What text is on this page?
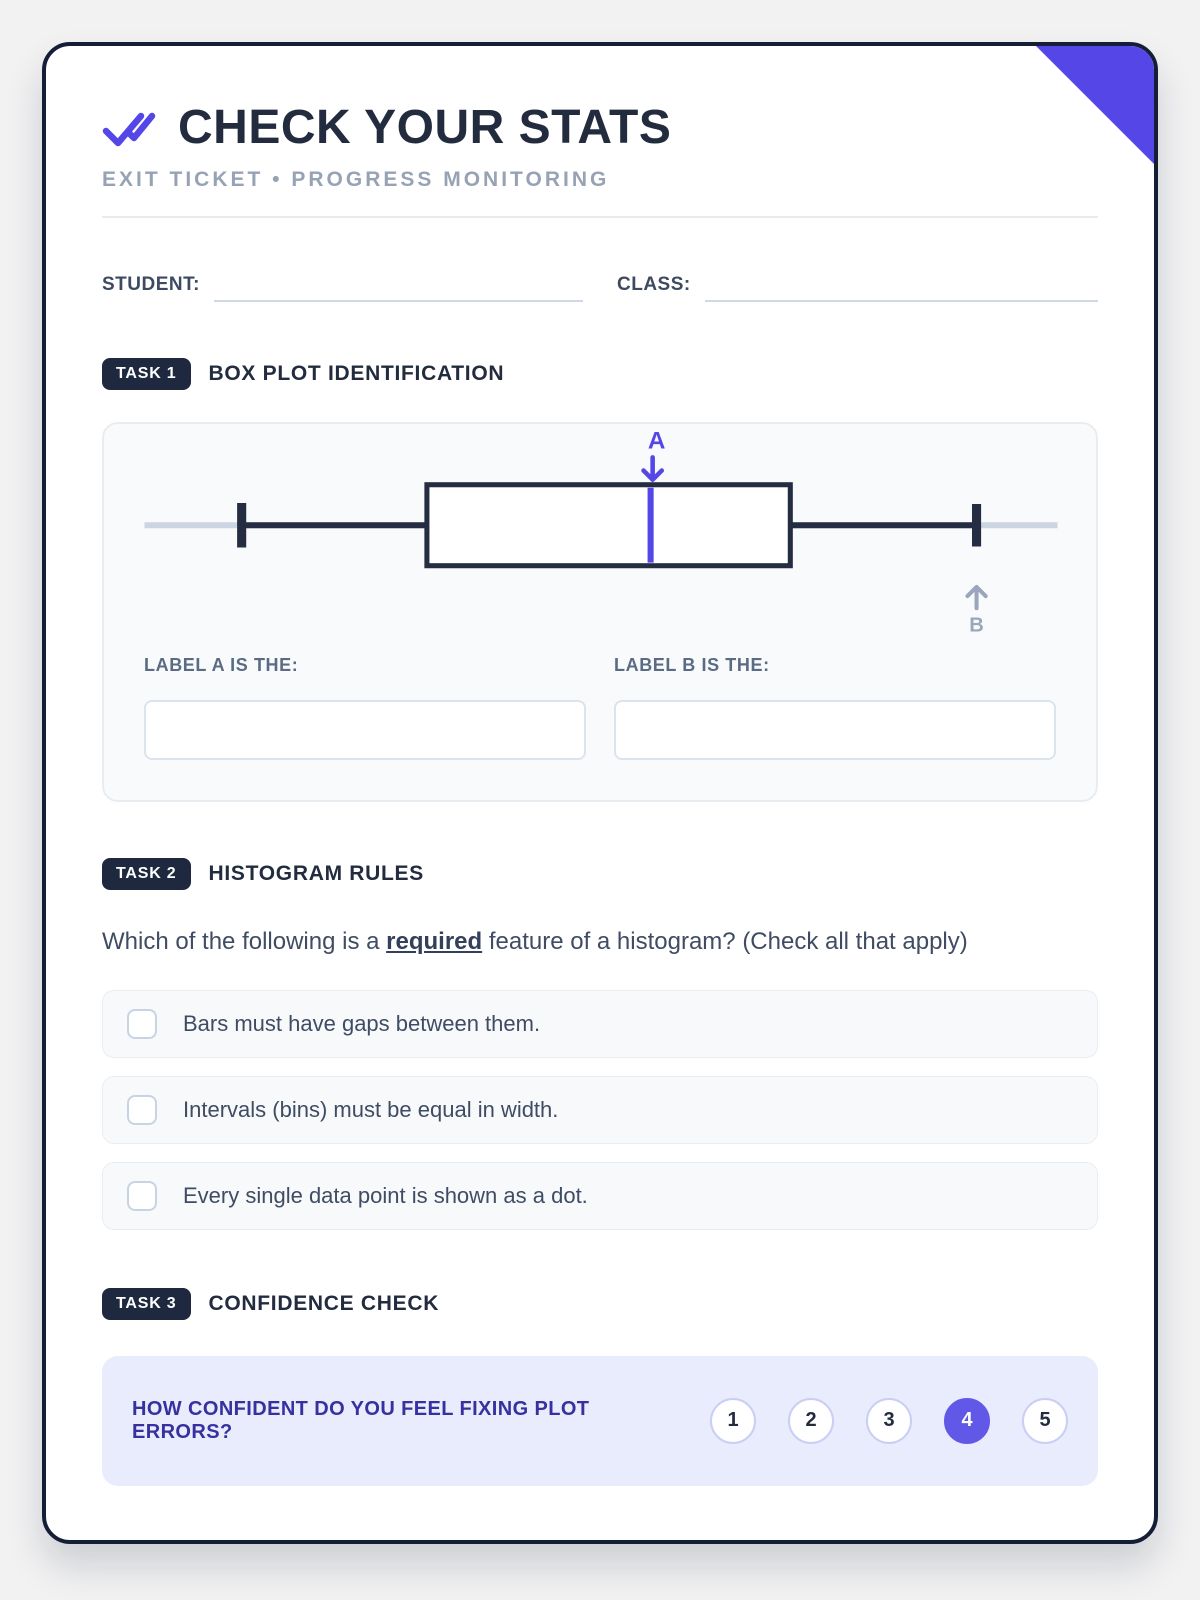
CHECK YOUR STATS
EXIT TICKET • PROGRESS MONITORING
STUDENT:	CLASS:
TASK 1	BOX PLOT IDENTIFICATION
A
B
LABEL A IS THE:	LABEL B IS THE:
TASK 2	HISTOGRAM RULES

Which of the following is a required feature of a histogram? (Check all that apply)

Bars must have gaps between them.
Intervals (bins) must be equal in width.
Every single data point is shown as a dot.
TASK 3	CONFIDENCE CHECK
HOW CONFIDENT DO YOU FEEL FIXING PLOT ERRORS?
1	2	3	4	5
